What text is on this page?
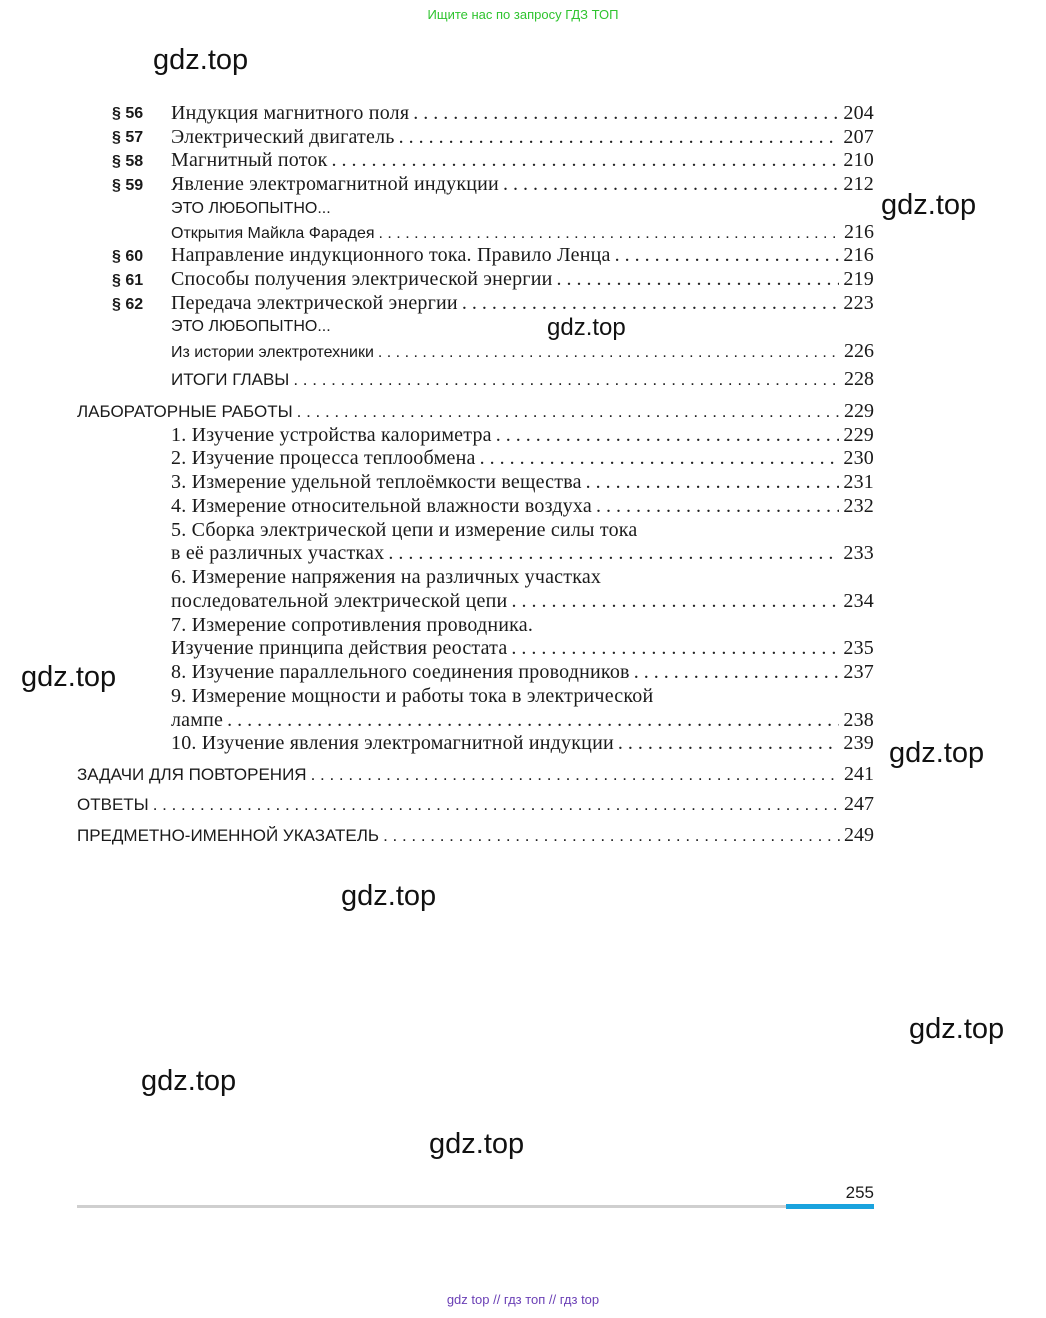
Ищите нас по запросу ГДЗ ТОП
gdz.top
gdz.top
gdz.top
gdz.top
gdz.top
gdz.top
gdz.top
gdz.top
gdz.top
§ 56 Индукция магнитного поля . . .	204
§ 57 Электрический двигатель . . .	207
§ 58 Магнитный поток . . .	210
§ 59 Явление электромагнитной индукции . . .	212
ЭТО ЛЮБОПЫТНО...
Открытия Майкла Фарадея . . .	216
§ 60 Направление индукционного тока. Правило Ленца . . .	216
§ 61 Способы получения электрической энергии . . .	219
§ 62 Передача электрической энергии . . .	223
ЭТО ЛЮБОПЫТНО...
Из истории электротехники . . .	226
ИТОГИ ГЛАВЫ . . .	228
ЛАБОРАТОРНЫЕ РАБОТЫ . . .	229
1. Изучение устройства калориметра . . .	229
2. Изучение процесса теплообмена . . .	230
3. Измерение удельной теплоёмкости вещества . . .	231
4. Измерение относительной влажности воздуха . . .	232
5. Сборка электрической цепи и измерение силы тока
в её различных участках . . .	233
6. Измерение напряжения на различных участках
последовательной электрической цепи . . .	234
7. Измерение сопротивления проводника.
Изучение принципа действия реостата . . .	235
8. Изучение параллельного соединения проводников . . .	237
9. Измерение мощности и работы тока в электрической
лампе . . .	238
10. Изучение явления электромагнитной индукции . . .	239
ЗАДАЧИ ДЛЯ ПОВТОРЕНИЯ . . .	241
ОТВЕТЫ . . .	247
ПРЕДМЕТНО-ИМЕННОЙ УКАЗАТЕЛЬ . . .	249
255
gdz top // гдз топ // гдз top
